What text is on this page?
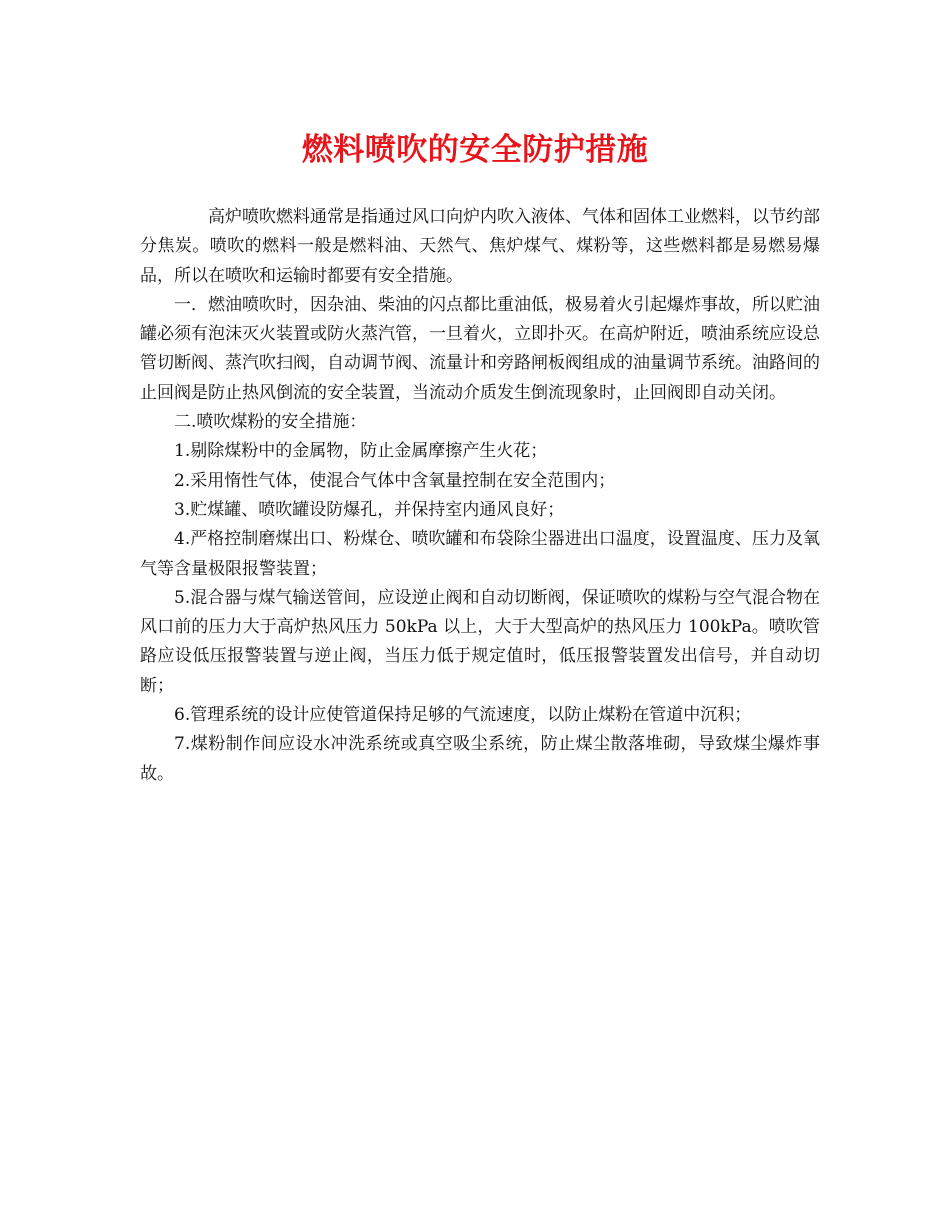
燃料喷吹的安全防护措施

高炉喷吹燃料通常是指通过风口向炉内吹入液体、气体和固体工业燃料，以节约部分焦炭。喷吹的燃料一般是燃料油、天然气、焦炉煤气、煤粉等，这些燃料都是易燃易爆品，所以在喷吹和运输时都要有安全措施。

一．燃油喷吹时，因杂油、柴油的闪点都比重油低，极易着火引起爆炸事故，所以贮油罐必须有泡沫灭火装置或防火蒸汽管，一旦着火，立即扑灭。在高炉附近，喷油系统应设总管切断阀、蒸汽吹扫阀，自动调节阀、流量计和旁路闸板阀组成的油量调节系统。油路间的止回阀是防止热风倒流的安全装置，当流动介质发生倒流现象时，止回阀即自动关闭。

二.喷吹煤粉的安全措施：

1.剔除煤粉中的金属物，防止金属摩擦产生火花；

2.采用惰性气体，使混合气体中含氧量控制在安全范围内；

3.贮煤罐、喷吹罐设防爆孔，并保持室内通风良好；

4.严格控制磨煤出口、粉煤仓、喷吹罐和布袋除尘器进出口温度，设置温度、压力及氧气等含量极限报警装置；

5.混合器与煤气输送管间，应设逆止阀和自动切断阀，保证喷吹的煤粉与空气混合物在风口前的压力大于高炉热风压力 50kPa 以上，大于大型高炉的热风压力 100kPa。喷吹管路应设低压报警装置与逆止阀，当压力低于规定值时，低压报警装置发出信号，并自动切断；

6.管理系统的设计应使管道保持足够的气流速度，以防止煤粉在管道中沉积；

7.煤粉制作间应设水冲洗系统或真空吸尘系统，防止煤尘散落堆砌，导致煤尘爆炸事故。
